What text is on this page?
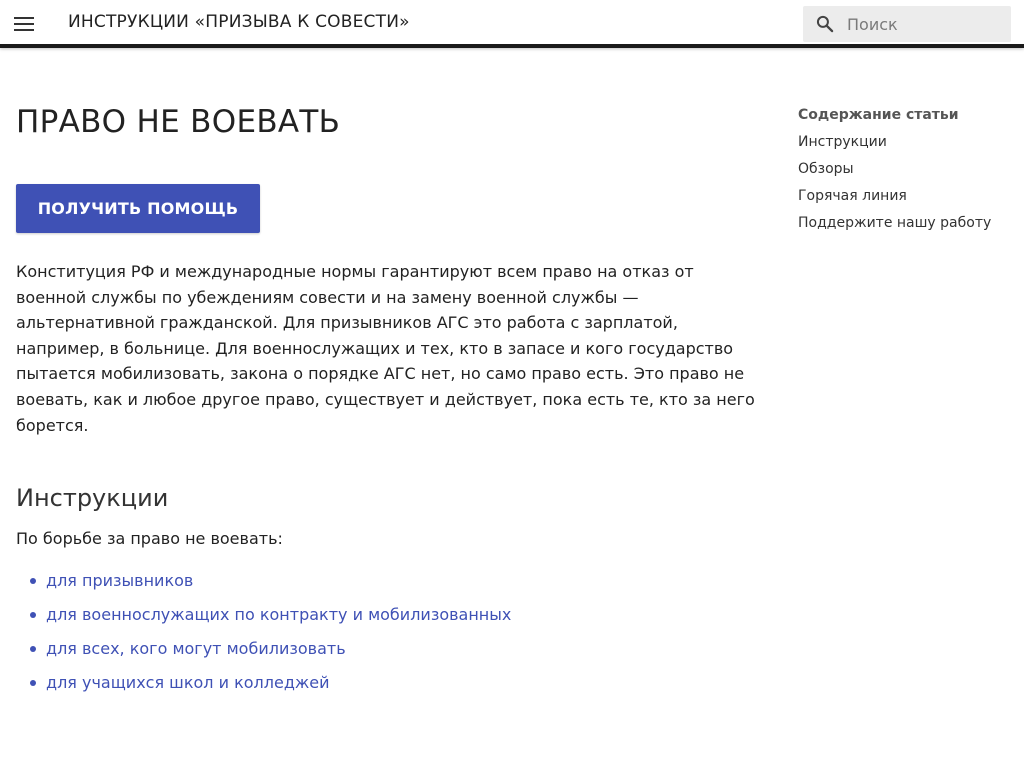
ИНСТРУКЦИИ «ПРИЗЫВА К СОВЕСТИ»
Поиск
ПРАВО НЕ ВОЕВАТЬ
ПОЛУЧИТЬ ПОМОЩЬ

Конституция РФ и международные нормы гарантируют всем право на отказ от военной службы по убеждениям совести и на замену военной службы — альтернативной гражданской. Для призывников АГС это работа с зарплатой, например, в больнице. Для военнослужащих и тех, кто в запасе и кого государство пытается мобилизовать, закона о порядке АГС нет, но само право есть. Это право не воевать, как и любое другое право, существует и действует, пока есть те, кто за него борется.

Инструкции

По борьбе за право не воевать:

для призывников
для военнослужащих по контракту и мобилизованных
для всех, кого могут мобилизовать
для учащихся школ и колледжей
Содержание статьи
Инструкции
Обзоры
Горячая линия
Поддержите нашу работу
